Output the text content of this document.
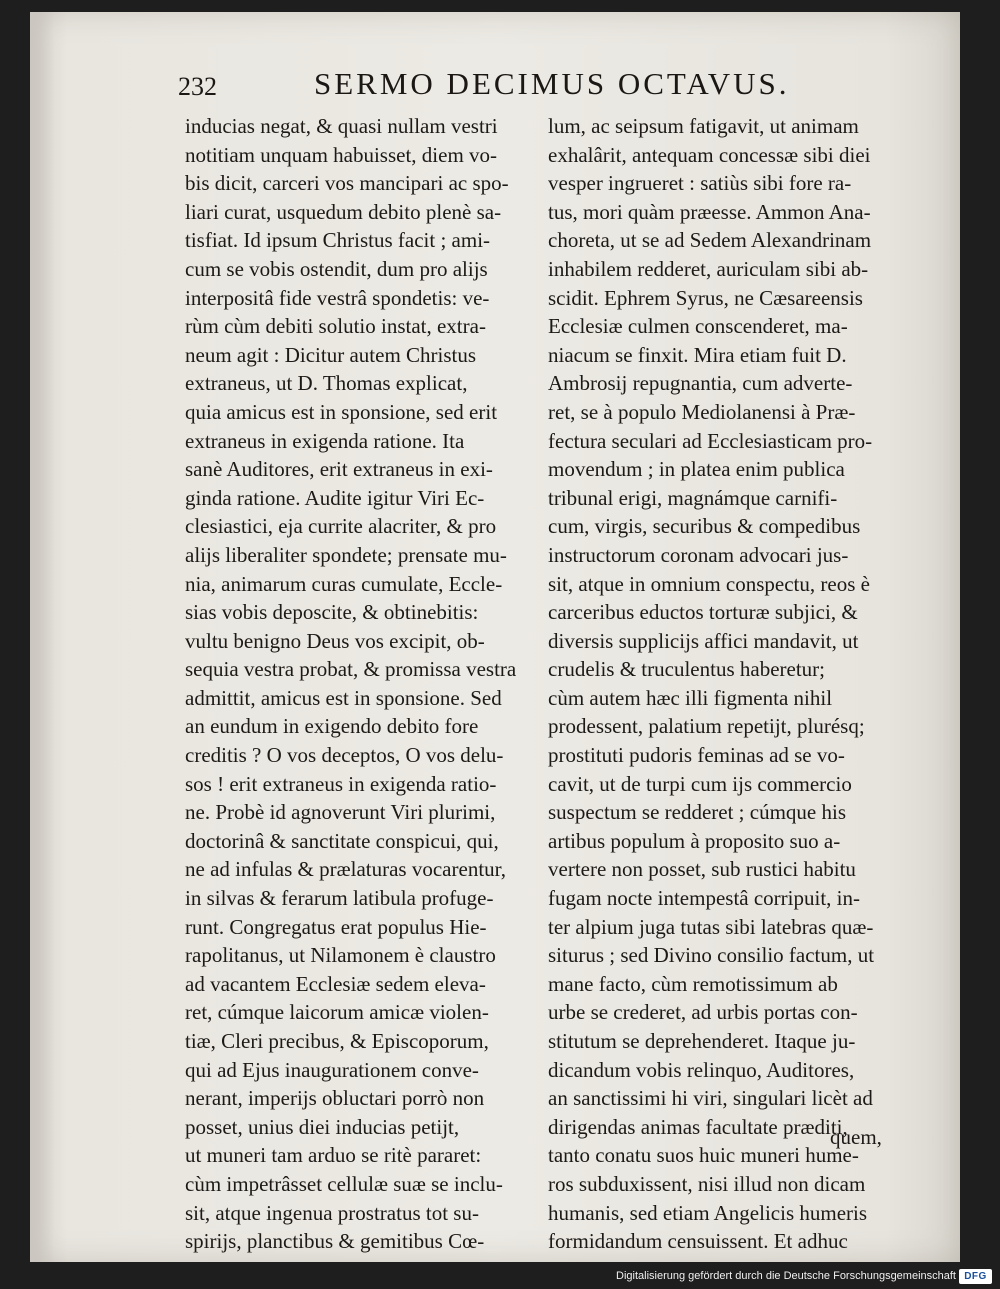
232	SERMO DECIMUS OCTAVUS.
inducias negat, & quasi nullam vestri
notitiam unquam habuisset, diem vo-
bis dicit, carceri vos mancipari ac spo-
liari curat, usquedum debito plenè sa-
tisfiat. Id ipsum Christus facit ; ami-
cum se vobis ostendit, dum pro alijs
interpositâ fide vestrâ spondetis: ve-
rùm cùm debiti solutio instat, extra-
neum agit : Dicitur autem Christus
extraneus, ut D. Thomas explicat,
quia amicus est in sponsione, sed erit
extraneus in exigenda ratione. Ita
sanè Auditores, erit extraneus in exi-
ginda ratione. Audite igitur Viri Ec-
clesiastici, eja currite alacriter, & pro
alijs liberaliter spondete; prensate mu-
nia, animarum curas cumulate, Eccle-
sias vobis deposcite, & obtinebitis:
vultu benigno Deus vos excipit, ob-
sequia vestra probat, & promissa vestra
admittit, amicus est in sponsione. Sed
an eundum in exigendo debito fore
creditis ? O vos deceptos, O vos delu-
sos ! erit extraneus in exigenda ratio-
ne. Probè id agnoverunt Viri plurimi,
doctorinâ & sanctitate conspicui, qui,
ne ad infulas & prælaturas vocarentur,
in silvas & ferarum latibula profuge-
runt. Congregatus erat populus Hie-
rapolitanus, ut Nilamonem è claustro
ad vacantem Ecclesiæ sedem eleva-
ret, cúmque laicorum amicæ violen-
tiæ, Cleri precibus, & Episcoporum,
qui ad Ejus inaugurationem conve-
nerant, imperijs obluctari porrò non
posset, unius diei inducias petijt,
ut muneri tam arduo se ritè pararet:
cùm impetrâsset cellulæ suæ se inclu-
sit, atque ingenua prostratus tot su-
spirijs, planctibus & gemitibus Cœ-
lum, ac seipsum fatigavit, ut animam
exhalârit, antequam concessæ sibi diei
vesper ingrueret : satiùs sibi fore ra-
tus, mori quàm præesse. Ammon Ana-
choreta, ut se ad Sedem Alexandrinam
inhabilem redderet, auriculam sibi ab-
scidit. Ephrem Syrus, ne Cæsareensis
Ecclesiæ culmen conscenderet, ma-
niacum se finxit. Mira etiam fuit D.
Ambrosij repugnantia, cum adverte-
ret, se à populo Mediolanensi à Præ-
fectura seculari ad Ecclesiasticam pro-
movendum ; in platea enim publica
tribunal erigi, magnámque carnifi-
cum, virgis, securibus & compedibus
instructorum coronam advocari jus-
sit, atque in omnium conspectu, reos è
carceribus eductos torturæ subjici, &
diversis supplicijs affici mandavit, ut
crudelis & truculentus haberetur;
cùm autem hæc illi figmenta nihil
prodessent, palatium repetijt, plurésq;
prostituti pudoris feminas ad se vo-
cavit, ut de turpi cum ijs commercio
suspectum se redderet ; cúmque his
artibus populum à proposito suo a-
vertere non posset, sub rustici habitu
fugam nocte intempestâ corripuit, in-
ter alpium juga tutas sibi latebras quæ-
siturus ; sed Divino consilio factum, ut
mane facto, cùm remotissimum ab
urbe se crederet, ad urbis portas con-
stitutum se deprehenderet. Itaque ju-
dicandum vobis relinquo, Auditores,
an sanctissimi hi viri, singulari licèt ad
dirigendas animas facultate præditi,
tanto conatu suos huic muneri hume-
ros subduxissent, nisi illud non dicam
humanis, sed etiam Angelicis humeris
formidandum censuissent. Et adhuc
quem,
Digitalisierung gefördert durch die Deutsche Forschungsgemeinschaft DFG
